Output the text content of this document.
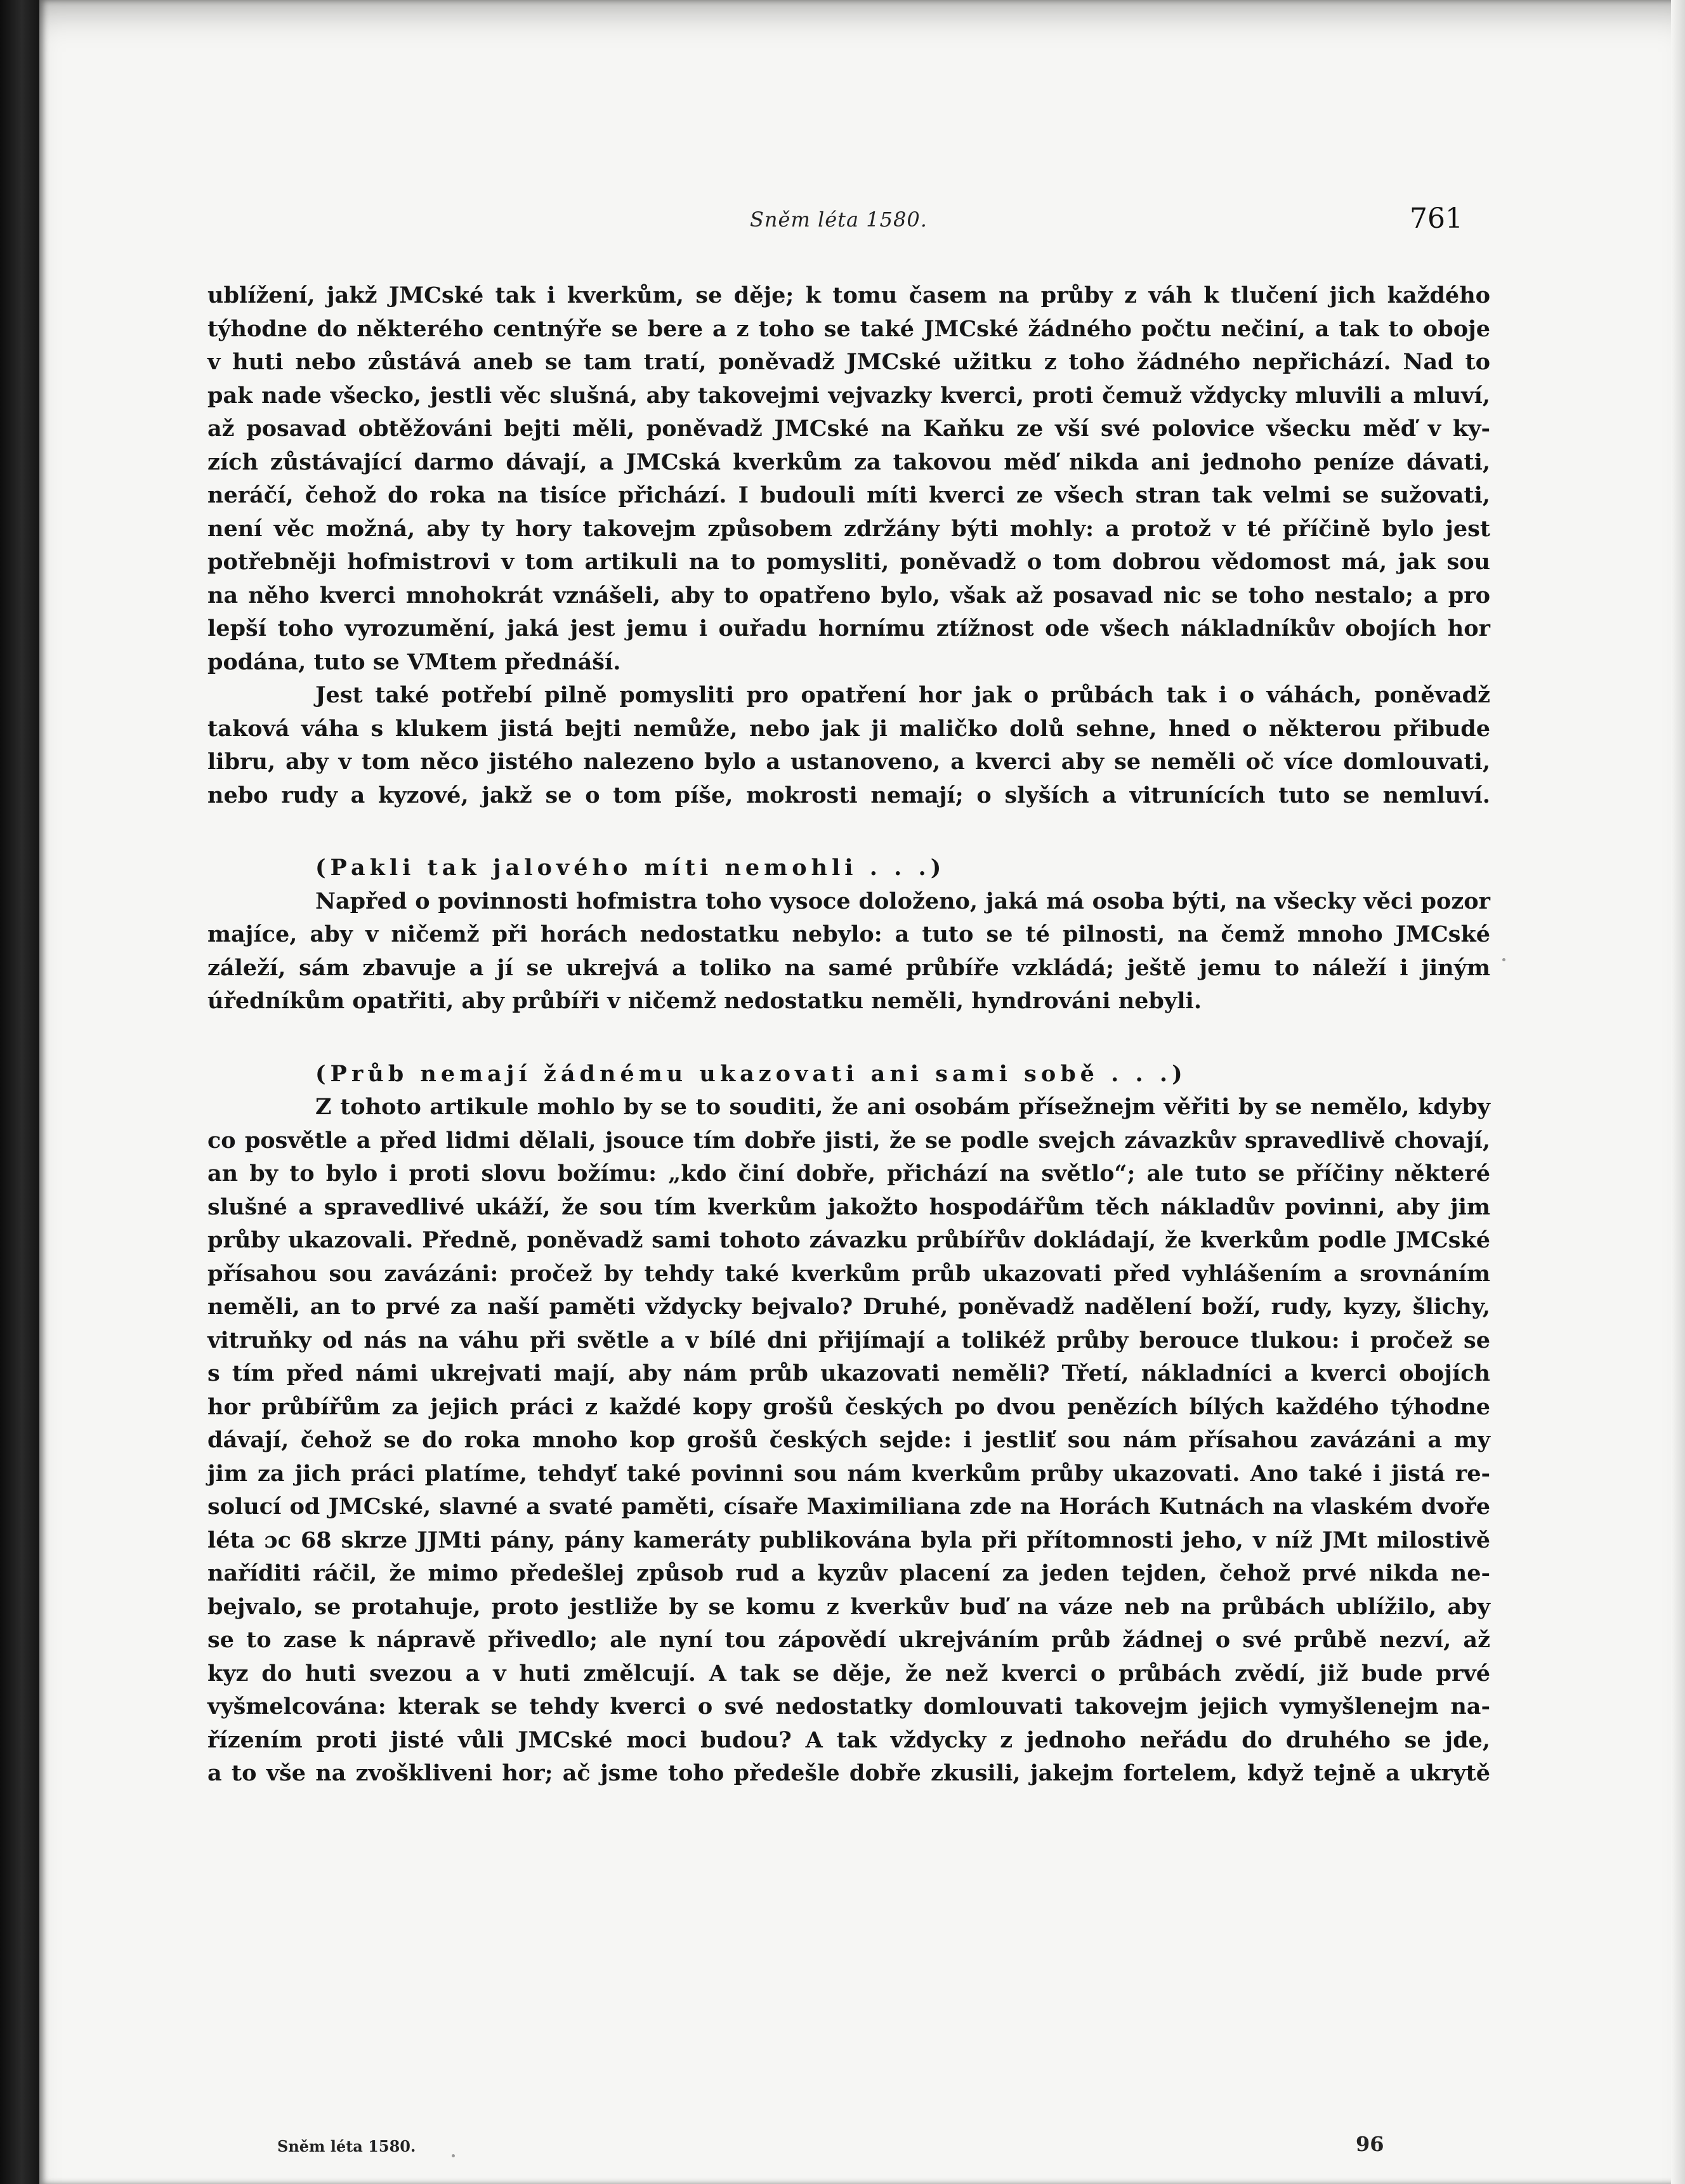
Sněm léta 1580.	761
ublížení, jakž JMCské tak i kverkům, se děje; k tomu časem na průby z váh k tlučení jich každého
týhodne do některého centnýře se bere a z toho se také JMCské žádného počtu nečiní, a tak to oboje
v huti nebo zůstává aneb se tam tratí, poněvadž JMCské užitku z toho žádného nepřichází. Nad to
pak nade všecko, jestli věc slušná, aby takovejmi vejvazky kverci, proti čemuž vždycky mluvili a mluví,
až posavad obtěžováni bejti měli, poněvadž JMCské na Kaňku ze vší své polovice všecku měď v ky-
zích zůstávající darmo dávají, a JMCská kverkům za takovou měď nikda ani jednoho peníze dávati,
neráčí, čehož do roka na tisíce přichází. I budouli míti kverci ze všech stran tak velmi se sužovati,
není věc možná, aby ty hory takovejm způsobem zdržány býti mohly: a protož v té příčině bylo jest
potřebněji hofmistrovi v tom artikuli na to pomysliti, poněvadž o tom dobrou vědomost má, jak sou
na něho kverci mnohokrát vznášeli, aby to opatřeno bylo, však až posavad nic se toho nestalo; a pro
lepší toho vyrozumění, jaká jest jemu i ouřadu hornímu ztížnost ode všech nákladníkův obojích hor
podána, tuto se VMtem přednáší.
Jest také potřebí pilně pomysliti pro opatření hor jak o průbách tak i o váhách, poněvadž
taková váha s klukem jistá bejti nemůže, nebo jak ji maličko dolů sehne, hned o některou přibude
libru, aby v tom něco jistého nalezeno bylo a ustanoveno, a kverci aby se neměli oč více domlouvati,
nebo rudy a kyzové, jakž se o tom píše, mokrosti nemají; o slyších a vitrunících tuto se nemluví.
(Pakli tak jalového míti nemohli . . .)
Napřed o povinnosti hofmistra toho vysoce doloženo, jaká má osoba býti, na všecky věci pozor
majíce, aby v ničemž při horách nedostatku nebylo: a tuto se té pilnosti, na čemž mnoho JMCské
záleží, sám zbavuje a jí se ukrejvá a toliko na samé průbíře vzkládá; ještě jemu to náleží i jiným
úředníkům opatřiti, aby průbíři v ničemž nedostatku neměli, hyndrováni nebyli.
(Průb nemají žádnému ukazovati ani sami sobě . . .)
Z tohoto artikule mohlo by se to souditi, že ani osobám přísežnejm věřiti by se nemělo, kdyby
co posvětle a před lidmi dělali, jsouce tím dobře jisti, že se podle svejch závazkův spravedlivě chovají,
an by to bylo i proti slovu božímu: „kdo činí dobře, přichází na světlo“; ale tuto se příčiny některé
slušné a spravedlivé ukáží, že sou tím kverkům jakožto hospodářům těch nákladův povinni, aby jim
průby ukazovali. Předně, poněvadž sami tohoto závazku průbířův dokládají, že kverkům podle JMCské
přísahou sou zavázáni: pročež by tehdy také kverkům průb ukazovati před vyhlášením a srovnáním
neměli, an to prvé za naší paměti vždycky bejvalo? Druhé, poněvadž nadělení boží, rudy, kyzy, šlichy,
vitruňky od nás na váhu při světle a v bílé dni přijímají a tolikéž průby berouce tlukou: i pročež se
s tím před námi ukrejvati mají, aby nám průb ukazovati neměli? Třetí, nákladníci a kverci obojích
hor průbířům za jejich práci z každé kopy grošů českých po dvou penězích bílých každého týhodne
dávají, čehož se do roka mnoho kop grošů českých sejde: i jestliť sou nám přísahou zavázáni a my
jim za jich práci platíme, tehdyť také povinni sou nám kverkům průby ukazovati. Ano také i jistá re-
solucí od JMCské, slavné a svaté paměti, císaře Maximiliana zde na Horách Kutnách na vlaském dvoře
léta ɔc 68 skrze JJMti pány, pány kameráty publikována byla při přítomnosti jeho, v níž JMt milostivě
naříditi ráčil, že mimo předešlej způsob rud a kyzův placení za jeden tejden, čehož prvé nikda ne-
bejvalo, se protahuje, proto jestliže by se komu z kverkův buď na váze neb na průbách ublížilo, aby
se to zase k nápravě přivedlo; ale nyní tou zápovědí ukrejváním průb žádnej o své průbě nezví, až
kyz do huti svezou a v huti změlcují. A tak se děje, že než kverci o průbách zvědí, již bude prvé
vyšmelcována: kterak se tehdy kverci o své nedostatky domlouvati takovejm jejich vymyšlenejm na-
řízením proti jisté vůli JMCské moci budou? A tak vždycky z jednoho neřádu do druhého se jde,
a to vše na zvoškliveni hor; ač jsme toho předešle dobře zkusili, jakejm fortelem, když tejně a ukrytě
Sněm léta 1580.	96
